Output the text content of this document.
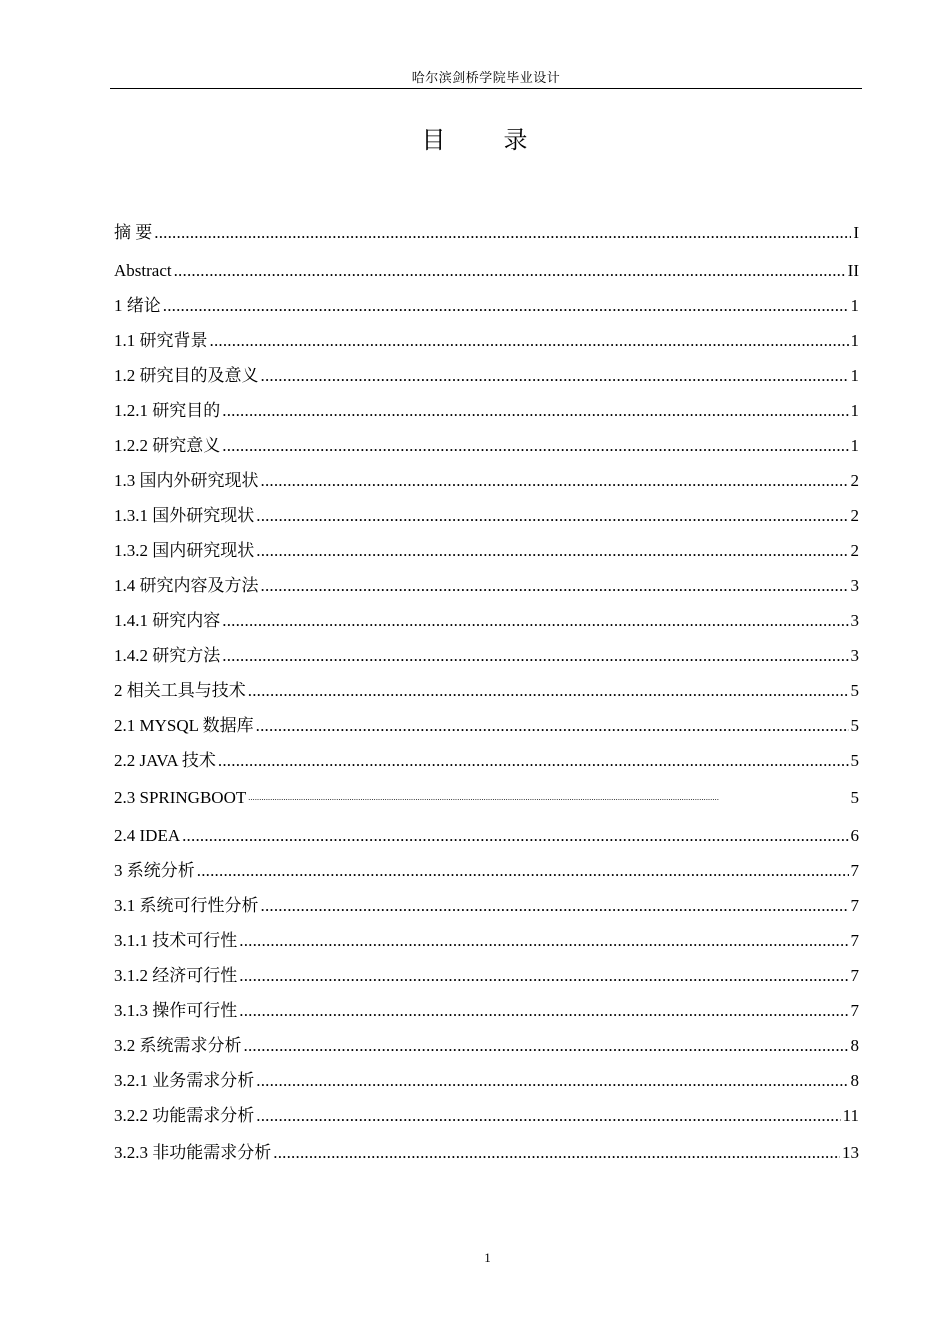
哈尔滨剑桥学院毕业设计
目 录
摘 要 .....	I
Abstract .....	II
1 绪论 .....	1
1.1 研究背景 .....	1
1.2 研究目的及意义 .....	1
1.2.1 研究目的 .....	1
1.2.2 研究意义 .....	1
1.3 国内外研究现状 .....	2
1.3.1 国外研究现状 .....	2
1.3.2 国内研究现状 .....	2
1.4 研究内容及方法 .....	3
1.4.1 研究内容 .....	3
1.4.2 研究方法 .....	3
2 相关工具与技术 .....	5
2.1 MYSQL 数据库 .....	5
2.2 JAVA 技术 .....	5
2.3 SPRINGBOOT .....	5
2.4 IDEA .....	6
3 系统分析 .....	7
3.1 系统可行性分析 .....	7
3.1.1 技术可行性 .....	7
3.1.2 经济可行性 .....	7
3.1.3 操作可行性 .....	7
3.2 系统需求分析 .....	8
3.2.1 业务需求分析 .....	8
3.2.2 功能需求分析 .....	11
3.2.3 非功能需求分析 .....	13
1
